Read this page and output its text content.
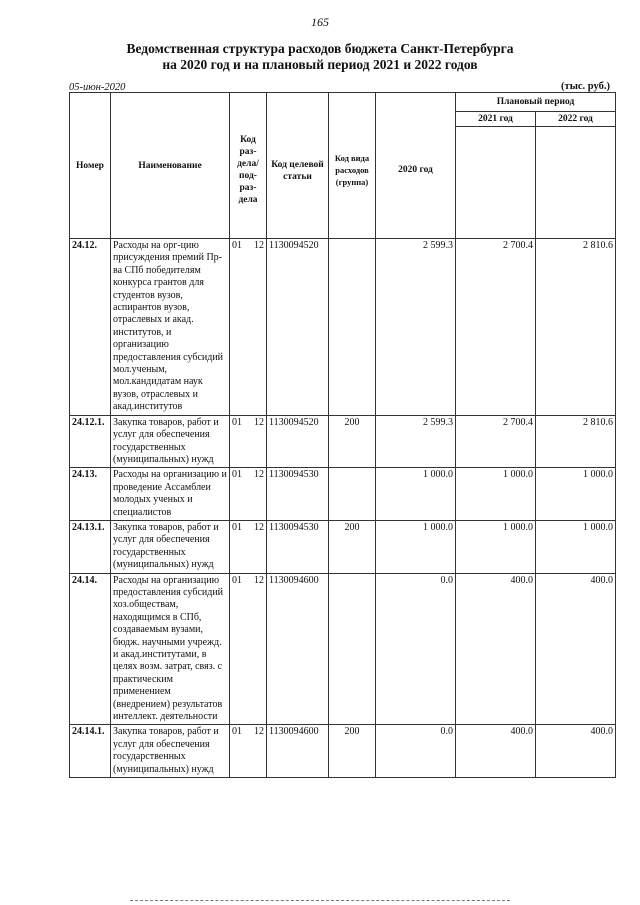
165
Ведомственная структура расходов бюджета Санкт-Петербурга
на 2020 год и на плановый период 2021 и 2022 годов
05-июн-2020	(тыс. руб.)
Номер	Наименование	Код раз- дела/ под- раз- дела	Код целевой статьи	Код вида расходов (группа)	2020 год	Плановый период	
						2021 год	2022 год

24.12.	Расходы на орг-цию присуждения премий Пр-ва СПб победителям конкурса грантов для студентов вузов, аспирантов вузов, отраслевых и акад. институтов, и организацию предоставления субсидий мол.ученым, мол.кандидатам наук вузов, отраслевых и акад.институтов	01 12	1130094520		2 599.3	2 700.4	2 810.6
24.12.1.	Закупка товаров, работ и услуг для обеспечения государственных (муниципальных) нужд	01 12	1130094520	200	2 599.3	2 700.4	2 810.6
24.13.	Расходы на организацию и проведение Ассамблеи молодых ученых и специалистов	01 12	1130094530		1 000.0	1 000.0	1 000.0
24.13.1.	Закупка товаров, работ и услуг для обеспечения государственных (муниципальных) нужд	01 12	1130094530	200	1 000.0	1 000.0	1 000.0
24.14.	Расходы на организацию предоставления субсидий хоз.обществам, находящимся в СПб, создаваемым вузами, бюдж. научными учрежд. и акад.институтами, в целях возм. затрат, связ. с практическим применением (внедрением) результатов интеллект. деятельности	01 12	1130094600		0.0	400.0	400.0
24.14.1.	Закупка товаров, работ и услуг для обеспечения государственных (муниципальных) нужд	01 12	1130094600	200	0.0	400.0	400.0
